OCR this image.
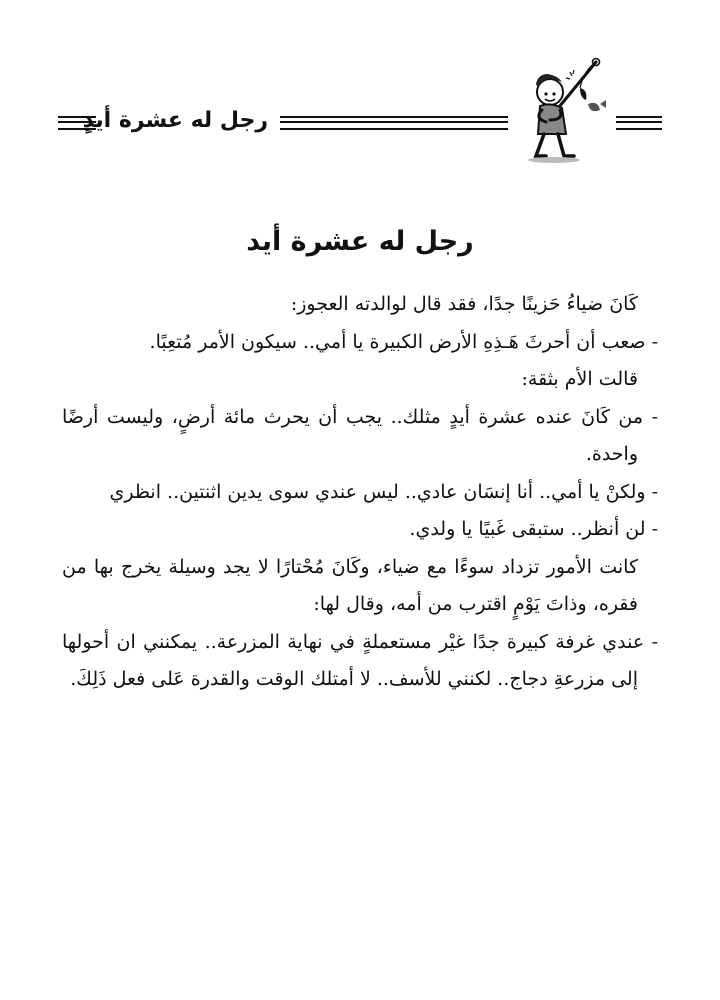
رجل له عشرة أيدٍ
رجل له عشرة أيد

كَانَ ضياءُ حَزينًا جدًا، فقد قال لوالدته العجوز:

- صعب أن أحرثَ هَـذِهِ الأرض الكبيرة يا أمي.. سيكون الأمر مُتعِبًا.

قالت الأم بثقة:

- من كَانَ عنده عشرة أيدٍ مثلك.. يجب أن يحرث مائة أرضٍ، وليست أرضًا واحدة.

- ولكنْ يا أمي.. أنا إنسَان عادي.. ليس عندي سوى يدين اثنتين.. انظري

- لن أنظر.. ستبقى غَبيًا يا ولدي.

كانت الأمور تزداد سوءًا مع ضياء، وكَانَ مُحْتارًا لا يجد وسيلة يخرج بها من فقره، وذاتَ يَوْمٍ اقترب من أمه، وقال لها:

- عندي غرفة كبيرة جدًا غيْر مستعملةٍ في نهاية المزرعة.. يمكنني ان أحولها إلى مزرعةِ دجاج.. لكنني للأسف.. لا أمتلك الوقت والقدرة عَلى فعل ذَلِكَ.
